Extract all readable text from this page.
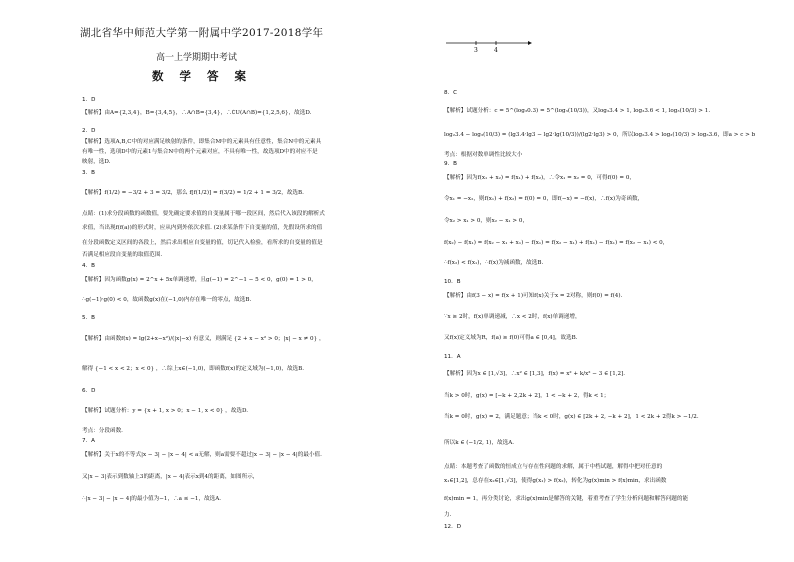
湖北省华中师范大学第一附属中学2017-2018学年
高一上学期期中考试
数 学 答 案
1．D
【解析】由A={2,3,4}，B={3,4,5}，∴A∩B={3,4}，∴∁U(A∩B)={1,2,5,6}，故选D.
2．D
【解析】选项A,B,C中的对应满足映射的条件，即集合M中的元素具有任意性，集合N中的元素具
有唯一性，选项D中的元素1与集合N中的两个元素对应，不具有唯一性，故选项D中的对应不是
映射，选D.
3．B
【解析】f(1/2) = −3/2 + 3 = 3/2，那么 f[f(1/2)] = f(3/2) = 1/2 + 1 = 3/2，故选B.
点睛：(1)求分段函数的函数值，要先确定要求值的自变量属于哪一段区间，然后代入该段的解析式
求值，当出现f(f(a))的形式时，应从内到外依次求值. (2)求某条件下自变量的值，先假设所求的值
在分段函数定义区间的各段上，然后求出相应自变量的值，切记代入检验，看所求的自变量的值是
否满足相应段自变量的取值范围.
4．B
【解析】因为函数g(x) = 2^x + 5x单调递增，且g(−1) = 2^−1 − 5 < 0，g(0) = 1 > 0，
∴g(−1)·g(0) < 0，故函数g(x)在(−1,0)内存在唯一的零点，故选B.
5．B
【解析】由函数f(x) = lg(2+x−x²)/(|x|−x) 有意义，则满足 {2 + x − x² > 0；|x| − x ≠ 0} ，
解得 {−1 < x < 2；x < 0} ，∴综上x∈(−1,0)，即函数f(x)的定义域为(−1,0)，故选B.
6．D
【解析】试题分析：y = {x + 1, x > 0；x − 1, x < 0} ，故选D.
考点：分段函数.
7．A
【解析】关于x的不等式|x − 3| − |x − 4| < a无解，则a需要不超过|x − 3| − |x − 4|的最小值.
又|x − 3|表示到数轴上3的距离，|x − 4|表示x到4的距离，如图所示，
∴|x − 3| − |x − 4|的最小值为−1，∴a ≤ −1，故选A.
3	4
8．C
【解析】试题分析：c = 5^(log₃0.3) = 5^(log₃(10/3))，又log₃3.4 > 1, log₃3.6 < 1, log₃(10/3) > 1.
log₂3.4 − log₃(10/3) = (lg3.4·lg3 − lg2·lg(10/3))/(lg2·lg3) > 0，所以log₂3.4 > log₃(10/3) > log₃3.6，即a > c > b
考点：根据对数单调性比较大小
9．B
【解析】因为f(x₁ + x₂) = f(x₁) + f(x₂)，∴令x₁ = x₂ = 0，可得f(0) = 0，
令x₁ = −x₂，则f(x₁) + f(x₂) = f(0) = 0，即f(−x) = −f(x)，∴f(x)为奇函数，
令x₂ > x₁ > 0，则x₂ − x₁ > 0，
f(x₂) − f(x₁) = f(x₂ − x₁ + x₁) − f(x₁) = f(x₂ − x₁) + f(x₁) − f(x₁) = f(x₂ − x₁) < 0，
∴f(x₂) < f(x₁)，∴f(x)为减函数，故选B.
10．B
【解析】由f(3 − x) = f(x + 1)可知f(x)关于x = 2对称，则f(0) = f(4).
∵x ≥ 2时，f(x)单调递减，∴x < 2时，f(x)单调递增，
又f(x)定义域为R，f(a) ≥ f(0)可得a ∈ [0,4]，故选B.
11．A
【解析】因为x ∈ [1,√3]，∴x² ∈ [1,3]，f(x) = x² + k/x² − 3 ∈ [1,2].
当k > 0时，g(x) = [−k + 2,2k + 2]，1 < −k + 2，得k < 1；
当k = 0时，g(x) = 2，满足题意；当k < 0时，g(x) ∈ [2k + 2, −k + 2]，1 < 2k + 2得k > −1/2.
所以k ∈ (−1/2, 1)，故选A.
点睛：本题考查了函数的恒成立与存在性问题的求解，属于中档试题，解得中把对任意的
x₁∈[1,2]，总存在x₂∈[1,√3]，使得g(x₁) > f(x₂)，转化为g(x)min > f(x)min，求出函数
f(x)min = 1，再分类讨论，求出g(x)min是解答的关键，着重考查了学生分析问题和解答问题的能
力.
12．D
